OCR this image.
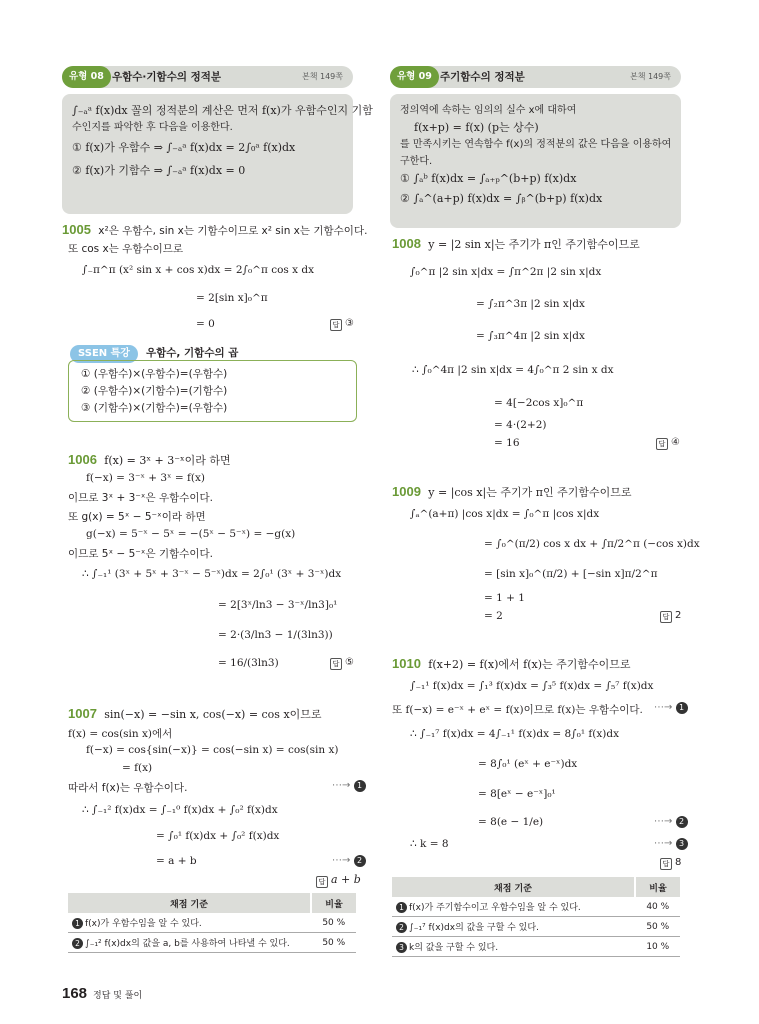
유형 08 우함수·기함수의 정적분	본책 149쪽
∫₋ₐᵃ f(x)dx 꼴의 정적분의 계산은 먼저 f(x)가 우함수인지 기함
수인지를 파악한 후 다음을 이용한다.
① f(x)가 우함수 ⇒ ∫₋ₐᵃ f(x)dx = 2∫₀ᵃ f(x)dx
② f(x)가 기함수 ⇒ ∫₋ₐᵃ f(x)dx = 0
1005 x²은 우함수, sin x는 기함수이므로 x² sin x는 기함수이다.
또 cos x는 우함수이므로
∫₋π^π (x² sin x + cos x)dx = 2∫₀^π cos x dx
= 2[sin x]₀^π
= 0	답 ③
SSEN 특강 우함수, 기함수의 곱
① (우함수)×(우함수)=(우함수)
② (우함수)×(기함수)=(기함수)
③ (기함수)×(기함수)=(우함수)
1006 f(x) = 3ˣ + 3⁻ˣ이라 하면
f(−x) = 3⁻ˣ + 3ˣ = f(x)
이므로 3ˣ + 3⁻ˣ은 우함수이다.
또 g(x) = 5ˣ − 5⁻ˣ이라 하면
g(−x) = 5⁻ˣ − 5ˣ = −(5ˣ − 5⁻ˣ) = −g(x)
이므로 5ˣ − 5⁻ˣ은 기함수이다.
∴ ∫₋₁¹ (3ˣ + 5ˣ + 3⁻ˣ − 5⁻ˣ)dx = 2∫₀¹ (3ˣ + 3⁻ˣ)dx
= 2[3ˣ/ln3 − 3⁻ˣ/ln3]₀¹
= 2·(3/ln3 − 1/(3ln3))
= 16/(3ln3)	답 ⑤
1007 sin(−x) = −sin x, cos(−x) = cos x이므로
f(x) = cos(sin x)에서
f(−x) = cos{sin(−x)} = cos(−sin x) = cos(sin x)
= f(x)
따라서 f(x)는 우함수이다.	⋯→ 1
∴ ∫₋₁² f(x)dx = ∫₋₁⁰ f(x)dx + ∫₀² f(x)dx
= ∫₀¹ f(x)dx + ∫₀² f(x)dx
= a + b	⋯→ 2
답 a + b
채점 기준	비율
1 f(x)가 우함수임을 알 수 있다.	50 %
2 ∫₋₁² f(x)dx의 값을 a, b를 사용하여 나타낼 수 있다.	50 %
유형 09 주기함수의 정적분	본책 149쪽
정의역에 속하는 임의의 실수 x에 대하여
f(x+p) = f(x) (p는 상수)
를 만족시키는 연속함수 f(x)의 정적분의 값은 다음을 이용하여
구한다.
① ∫ₐᵇ f(x)dx = ∫ₐ₊ₚ^(b+p) f(x)dx
② ∫ₐ^(a+p) f(x)dx = ∫ᵦ^(b+p) f(x)dx
1008 y = |2 sin x|는 주기가 π인 주기함수이므로
∫₀^π |2 sin x|dx = ∫π^2π |2 sin x|dx
= ∫₂π^3π |2 sin x|dx
= ∫₃π^4π |2 sin x|dx
∴ ∫₀^4π |2 sin x|dx = 4∫₀^π 2 sin x dx
= 4[−2cos x]₀^π
= 4·(2+2)
= 16	답 ④
1009 y = |cos x|는 주기가 π인 주기함수이므로
∫ₐ^(a+π) |cos x|dx = ∫₀^π |cos x|dx
= ∫₀^(π/2) cos x dx + ∫π/2^π (−cos x)dx
= [sin x]₀^(π/2) + [−sin x]π/2^π
= 1 + 1
= 2	답 2
1010 f(x+2) = f(x)에서 f(x)는 주기함수이므로
∫₋₁¹ f(x)dx = ∫₁³ f(x)dx = ∫₃⁵ f(x)dx = ∫₅⁷ f(x)dx
또 f(−x) = e⁻ˣ + eˣ = f(x)이므로 f(x)는 우함수이다. ⋯→ 1
∴ ∫₋₁⁷ f(x)dx = 4∫₋₁¹ f(x)dx = 8∫₀¹ f(x)dx
= 8∫₀¹ (eˣ + e⁻ˣ)dx
= 8[eˣ − e⁻ˣ]₀¹
= 8(e − 1/e)	⋯→ 2
∴ k = 8	⋯→ 3
답 8
채점 기준	비율
1 f(x)가 주기함수이고 우함수임을 알 수 있다.	40 %
2 ∫₋₁⁷ f(x)dx의 값을 구할 수 있다.	50 %
3 k의 값을 구할 수 있다.	10 %
168 정답 및 풀이
